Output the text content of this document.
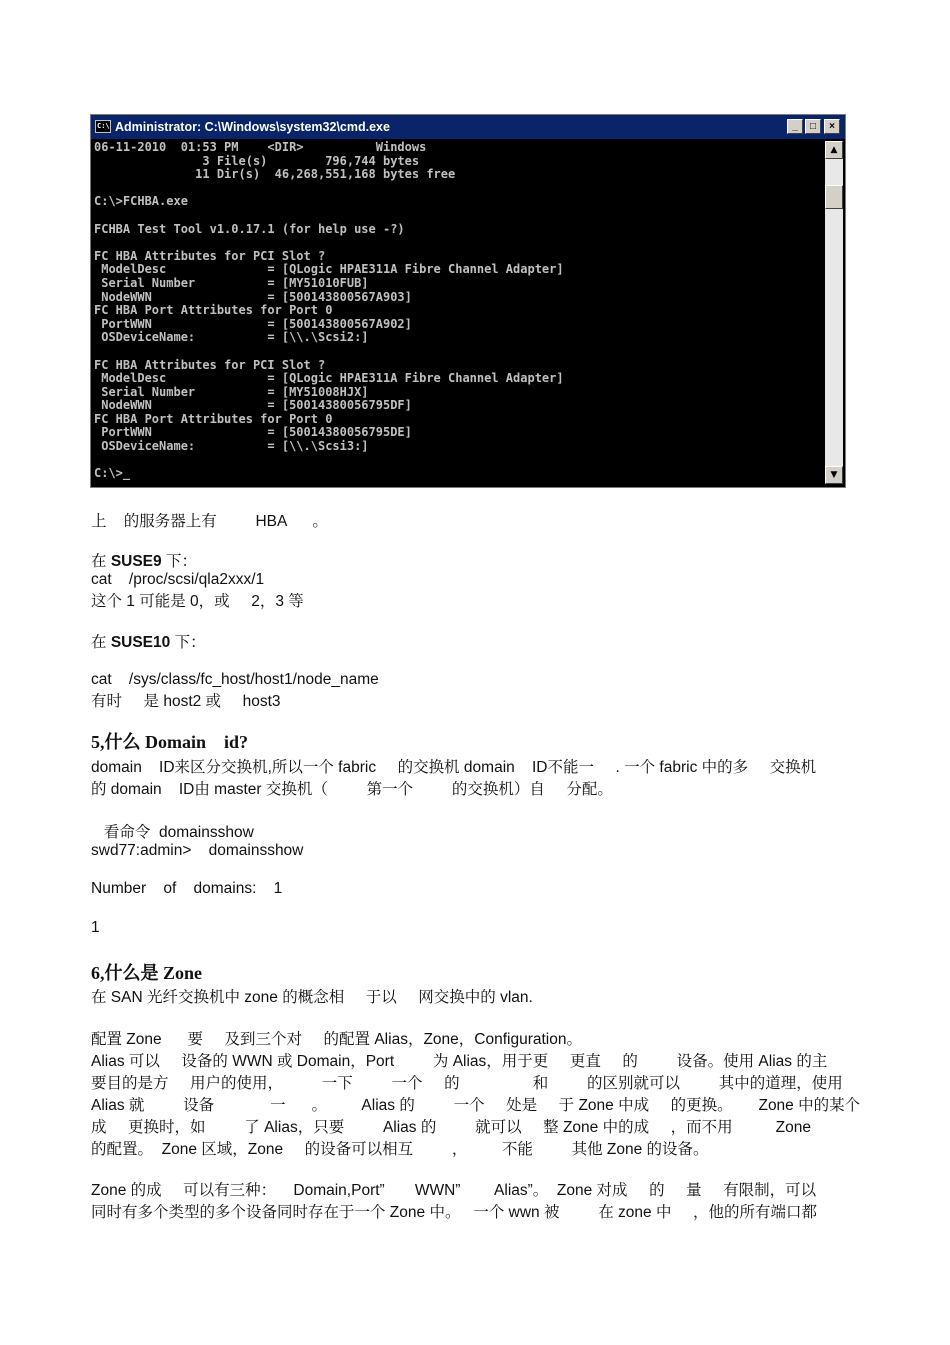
C:\ Administrator: C:\Windows\system32\cmd.exe	_	□	×
06-11-2010  01:53 PM    <DIR>          Windows
3 File(s)        796,744 bytes
11 Dir(s)  46,268,551,168 bytes free

C:\>FCHBA.exe

FCHBA Test Tool v1.0.17.1 (for help use -?)

FC HBA Attributes for PCI Slot ?
ModelDesc              = [QLogic HPAE311A Fibre Channel Adapter]
Serial Number          = [MY51010FUB]
NodeWWN                = [500143800567A903]
FC HBA Port Attributes for Port 0
PortWWN                = [500143800567A902]
OSDeviceName:          = [\\.\Scsi2:]

FC HBA Attributes for PCI Slot ?
ModelDesc              = [QLogic HPAE311A Fibre Channel Adapter]
Serial Number          = [MY51008HJX]
NodeWWN                = [50014380056795DF]
FC HBA Port Attributes for Port 0
PortWWN                = [50014380056795DE]
OSDeviceName:          = [\\.\Scsi3:]

C:\>_
▲
▼
上    的服务器上有         HBA      。
在 SUSE9 下：
cat    /proc/scsi/qla2xxx/1
这个 1 可能是 0，或     2，3 等
在 SUSE10 下：
cat    /sys/class/fc_host/host1/node_name
有时     是 host2 或     host3
5,什么 Domain    id?
domain    ID来区分交换机,所以一个 fabric     的交换机 domain    ID不能一     . 一个 fabric 中的多     交换机
的 domain    ID由 master 交换机（         第一个         的交换机）自     分配。
看命令  domainsshow
swd77:admin>    domainsshow
Number    of    domains:    1
1
6,什么是 Zone
在 SAN 光纤交换机中 zone 的概念相     于以     网交换中的 vlan.
配置 Zone      要     及到三个对     的配置 Alias，Zone，Configuration。
Alias 可以     设备的 WWN 或 Domain，Port         为 Alias，用于更     更直     的         设备。使用 Alias 的主
要目的是方     用户的使用，         一下         一个     的                 和         的区别就可以         其中的道理，使用
Alias 就         设备             一      。        Alias 的         一个     处是     于 Zone 中成     的更换。      Zone 中的某个
成     更换时，如         了 Alias，只要         Alias 的         就可以     整 Zone 中的成     ，而不用          Zone
的配置。  Zone 区域，Zone     的设备可以相互         ，        不能         其他 Zone 的设备。
Zone 的成     可以有三种：    Domain,Port”       WWN”        Alias”。  Zone 对成     的     量     有限制，可以
同时有多个类型的多个设备同时存在于一个 Zone 中。   一个 wwn 被         在 zone 中     ，他的所有端口都
